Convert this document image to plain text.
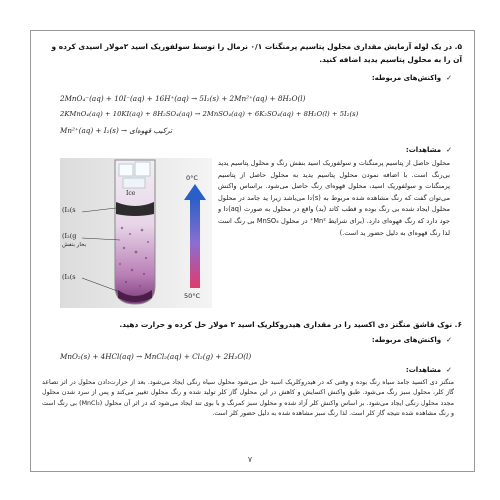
۵. در یک لوله آزمایش مقداری محلول پتاسیم پرمنگنات ۰/۱ نرمال را توسط سولفوریک اسید ۲مولار اسیدی کرده و آن را به محلول پتاسیم یدید اضافه کنید.
✓واکنش‌های مربوطه:
2MnO₄⁻(aq) + 10I⁻(aq) + 16H⁺(aq) → 5I₂(s) + 2Mn²⁺(aq) + 8H₂O(l)
2KMnO₄(aq) + 10KI(aq) + 8H₂SO₄(aq) → 2MnSO₄(aq) + 6K₂SO₄(aq) + 8H₂O(l) + 5I₂(s)
Mn²⁺(aq) + I₂(s) → ترکیب قهوه‌ای
✓مشاهدات:
محلول حاصل از پتاسیم پرمنگنات و سولفوریک اسید بنفش رنگ و محلول پتاسیم یدید بی‌رنگ است. با اضافه نمودن محلول پتاسیم یدید به محلول حاصل از پتاسیم پرمنگنات و سولفوریک اسید، محلول قهوه‌ای رنگ حاصل می‌شود. براساس واکنش می‌توان گفت که رنگ مشاهده شده مربوط به (I₂(s می‌باشد زیرا ید جامد در محلول محلول ایجاد شده بی رنگ بوده و قطب کاتد (ید) واقع در محلول به صورت (I₂(aq و جود دارد که رنگ قهوه‌ای دارد. (برای شرایط Mn²⁺ در محلول MnSO₄ بی رنگ است لذا رنگ قهوه‌ای به دلیل حضور ید است.)
(I₂(s
(I₂(g
بخار بنفش
(I₂(s
Ice
0°C
50°C
۶. نوک قاشق منگنز دی اکسید را در مقداری هیدروکلریک اسید ۲ مولار حل کرده و حرارت دهید.
✓واکنش‌های مربوطه:
MnO₂(s) + 4HCl(aq) → MnCl₂(aq) + Cl₂(g) + 2H₂O(l)
✓مشاهدات:
منگنز دی اکسید جامد سیاه رنگ بوده و وقتی که در هیدروکلریک اسید حل می‌شود محلول سیاه رنگی ایجاد می‌شود. بعد از حرارت‌دادن محلول در اثر تصاعد گاز کلر، محلول سبز رنگ می‌شود. طبق واکنش اکسایش و کاهش در این محلول گاز کلر تولید شده و رنگ محلول تغییر می‌کند و پس از سرد شدن محلول مجدد محلول رنگی ایجاد می‌شود. بر اساس واکنش کلر آزاد شده و محلول سبز کمرنگ و با بوی تند ایجاد می‌شود که در اثر آن محلول (MnCl₂) بی رنگ است و رنگ مشاهده شده نتیجه گاز کلر است. لذا رنگ سبز مشاهده شده به دلیل حضور کلر است.
۷
